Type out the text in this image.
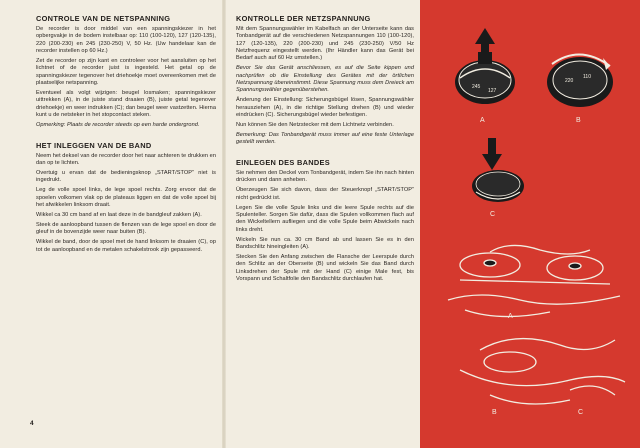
CONTROLE VAN DE NETSPANNING

De recorder is door middel van een spanningskiezer in het opbergvakje in de bodem instelbaar op: 110 (100-120), 127 (120-135), 220 (200-230) en 245 (230-250) V, 50 Hz. (Uw handelaar kan de recorder instellen op 60 Hz.)

Zet de recorder op zijn kant en controleer voor het aansluiten op het lichtnet of de recorder juist is ingesteld. Het getal op de spanningskiezer tegenover het driehoekje moet overeenkomen met de plaatselijke netspanning.

Eventueel als volgt wijzigen: beugel losmaken; spanningskiezer uittrekken (A), in de juiste stand draaien (B), juiste getal tegenover driehoekje) en weer indrukken (C); dan beugel weer vastzetten. Hierna kunt u de netsteker in het stopcontact steken.

Opmerking: Plaats de recorder steeds op een harde ondergrond.

HET INLEGGEN VAN DE BAND

Neem het deksel van de recorder door het naar achteren te drukken en dan op te lichten.

Overtuig u ervan dat de bedieningsknop „START/STOP” niet is ingedrukt.

Leg de volle spoel links, de lege spoel rechts. Zorg ervoor dat de spoelen volkomen vlak op de plateaus liggen en dat de volle spoel bij het afwikkelen linksom draait.

Wikkel ca 30 cm band af en laat deze in de bandgleuf zakken (A).

Steek de aanloopband tussen de flenzen van de lege spoel en door de gleuf in de bovenzijde weer naar buiten (B).

Wikkel de band, door de spoel met de hand linksom te draaien (C), op tot de aanloopband en de metalen schakelstrook zijn gepasseerd.

4
KONTROLLE DER NETZSPANNUNG

Mit dem Spannungswähler im Kabelfach an der Unterseite kann das Tonbandgerät auf die verschiedenen Netzspannungen 110 (100-120), 127 (120-135), 220 (200-230) und 245 (230-250) V/50 Hz Netzfrequenz eingestellt werden. (Ihr Händler kann das Gerät bei Bedarf auch auf 60 Hz umstellen.)

Bevor Sie das Gerät anschliessen, es auf die Seite kippen und nachprüfen ob die Einstellung des Gerätes mit der örtlichen Netzspannung übereinstimmt. Diese Spannung muss dem Dreieck am Spannungswähler gegenüberstehen.

Änderung der Einstellung: Sicherungsbügel lösen, Spannungswähler herausziehen (A), in die richtige Stellung drehen (B) und wieder eindrücken (C). Sicherungsbügel wieder befestigen.

Nun können Sie den Netzstecker mit dem Lichtnetz verbinden.

Bemerkung: Das Tonbandgerät muss immer auf eine feste Unterlage gestellt werden.

EINLEGEN DES BANDES

Sie nehmen den Deckel vom Tonbandgerät, indem Sie ihn nach hinten drücken und dann anheben.

Überzeugen Sie sich davon, dass der Steuerknopf „START/STOP” nicht gedrückt ist.

Legen Sie die volle Spule links und die leere Spule rechts auf die Spulenteller. Sorgen Sie dafür, dass die Spulen vollkommen flach auf den Wickeltellern aufliegen und die volle Spule beim Abwickeln nach links dreht.

Wickeln Sie nun ca. 30 cm Band ab und lassen Sie es in den Bandschlitz hineingleiten (A).

Stecken Sie den Anfang zwischen die Flansche der Leerspule durch den Schlitz an der Oberseite (B) und wickeln Sie das Band durch Linksdrehen der Spule mit der Hand (C) einige Male fest, bis Vorspann und Schaltfolie den Bandschlitz durchlaufen hat.

245
127
A
220
110
B
C
A
B	C
